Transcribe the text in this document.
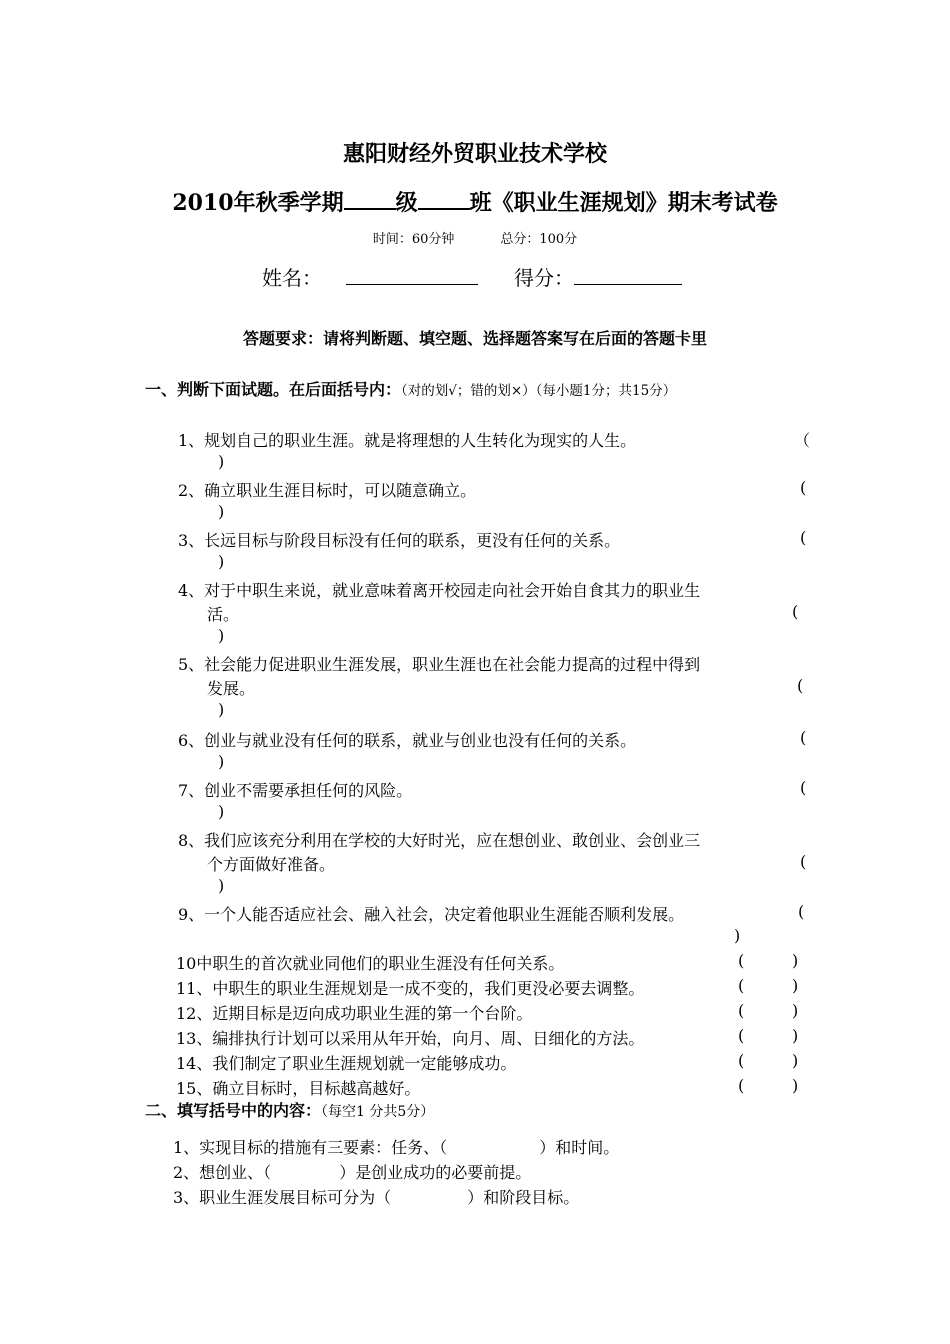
惠阳财经外贸职业技术学校
2010年秋季学期 级 班《职业生涯规划》期末考试卷
时间：60分钟	总分：100分
姓名：	得分：
答题要求：请将判断题、填空题、选择题答案写在后面的答题卡里
一、判断下面试题。在后面括号内：（对的划√；错的划×）（每小题1分；共15分）
1、规划自己的职业生涯。就是将理想的人生转化为现实的人生。	（
)
2、确立职业生涯目标时，可以随意确立。	(
)
3、长远目标与阶段目标没有任何的联系，更没有任何的关系。	(
)
4、对于中职生来说，就业意味着离开校园走向社会开始自食其力的职业生
活。	(
)
5、社会能力促进职业生涯发展，职业生涯也在社会能力提高的过程中得到
发展。	(
)
6、创业与就业没有任何的联系，就业与创业也没有任何的关系。	(
)
7、创业不需要承担任何的风险。	(
)
8、我们应该充分利用在学校的大好时光，应在想创业、敢创业、会创业三
个方面做好准备。	(
)
9、一个人能否适应社会、融入社会，决定着他职业生涯能否顺利发展。	(
)
10中职生的首次就业同他们的职业生涯没有任何关系。	(	)
11、中职生的职业生涯规划是一成不变的，我们更没必要去调整。	(	)
12、近期目标是迈向成功职业生涯的第一个台阶。	(	)
13、编排执行计划可以采用从年开始，向月、周、日细化的方法。	(	)
14、我们制定了职业生涯规划就一定能够成功。	(	)
15、确立目标时，目标越高越好。	(	)
二、填写括号中的内容：（每空1 分共5分）
1、实现目标的措施有三要素：任务、（	）和时间。
2、想创业、（	）是创业成功的必要前提。
3、职业生涯发展目标可分为（	）和阶段目标。
